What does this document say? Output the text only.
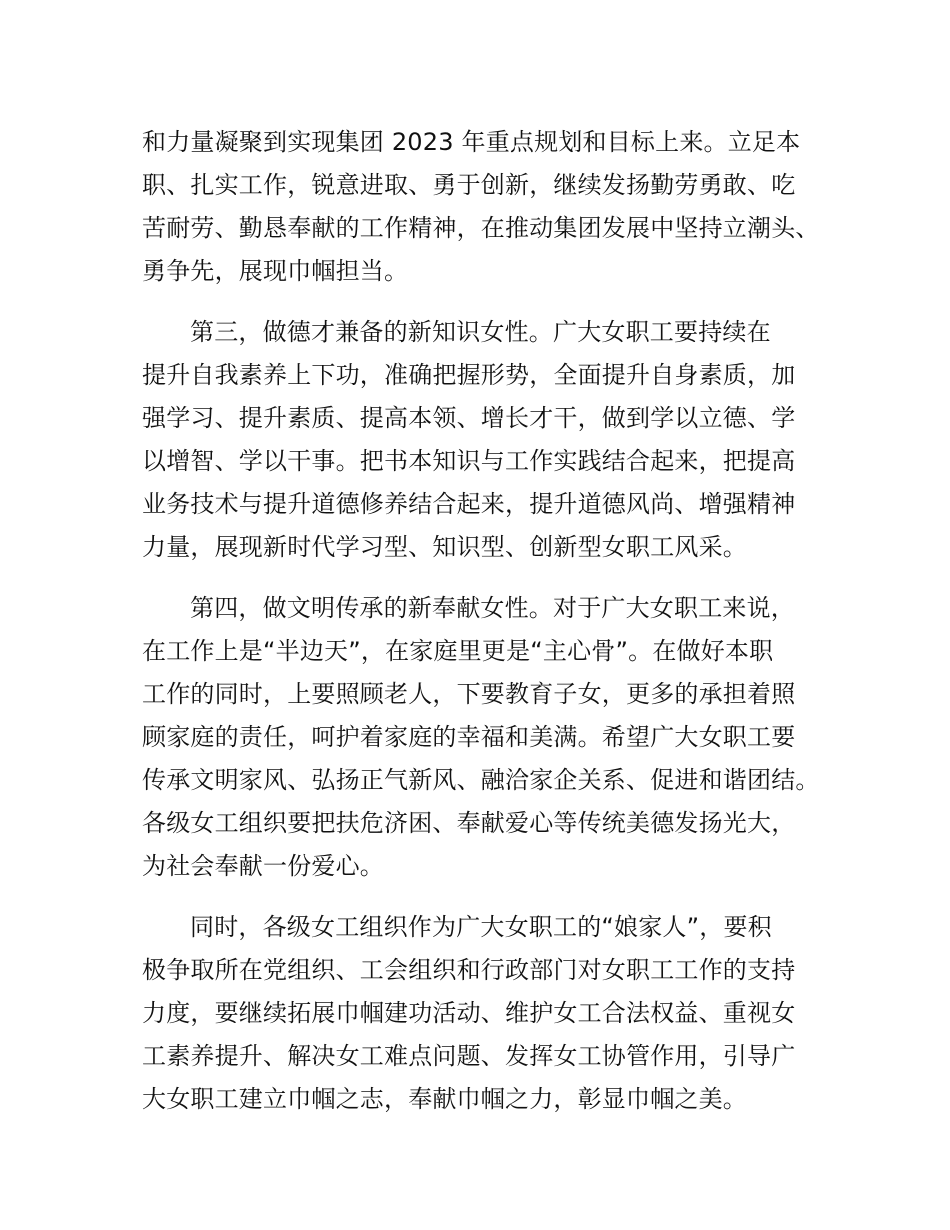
和力量凝聚到实现集团 2023 年重点规划和目标上来。立足本
职、扎实工作，锐意进取、勇于创新，继续发扬勤劳勇敢、吃
苦耐劳、勤恳奉献的工作精神，在推动集团发展中坚持立潮头、
勇争先，展现巾帼担当。
第三，做德才兼备的新知识女性。广大女职工要持续在
提升自我素养上下功，准确把握形势，全面提升自身素质，加
强学习、提升素质、提高本领、增长才干，做到学以立德、学
以增智、学以干事。把书本知识与工作实践结合起来，把提高
业务技术与提升道德修养结合起来，提升道德风尚、增强精神
力量，展现新时代学习型、知识型、创新型女职工风采。
第四，做文明传承的新奉献女性。对于广大女职工来说，
在工作上是“半边天”，在家庭里更是“主心骨”。在做好本职
工作的同时，上要照顾老人，下要教育子女，更多的承担着照
顾家庭的责任，呵护着家庭的幸福和美满。希望广大女职工要
传承文明家风、弘扬正气新风、融洽家企关系、促进和谐团结。
各级女工组织要把扶危济困、奉献爱心等传统美德发扬光大，
为社会奉献一份爱心。
同时，各级女工组织作为广大女职工的“娘家人”，要积
极争取所在党组织、工会组织和行政部门对女职工工作的支持
力度，要继续拓展巾帼建功活动、维护女工合法权益、重视女
工素养提升、解决女工难点问题、发挥女工协管作用，引导广
大女职工建立巾帼之志，奉献巾帼之力，彰显巾帼之美。
